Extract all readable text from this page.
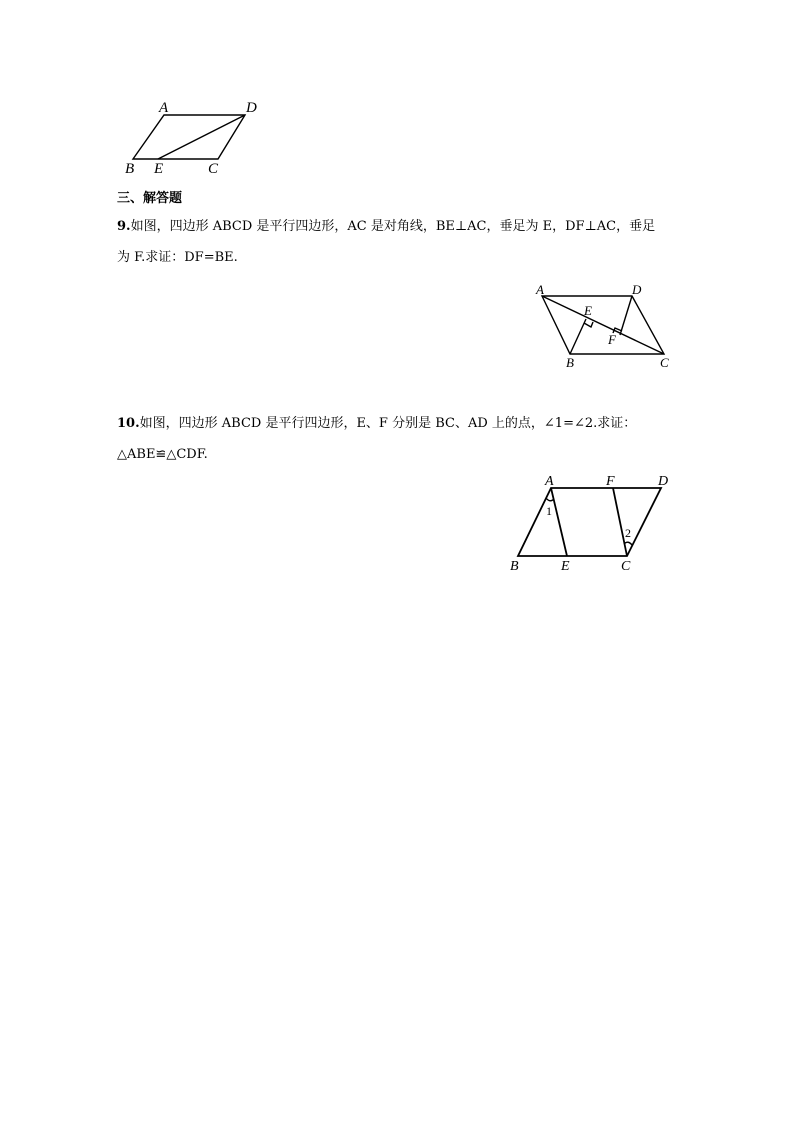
A	D
B E	C
三、解答题
9.如图，四边形 ABCD 是平行四边形，AC 是对角线，BE⊥AC，垂足为 E，DF⊥AC，垂足
为 F.求证：DF=BE.
A	D
E
F
B	C
10.如图，四边形 ABCD 是平行四边形，E、F 分别是 BC、AD 上的点，∠1=∠2.求证：
△ABE≌△CDF.
A	F	D
1
2
B	E	C
